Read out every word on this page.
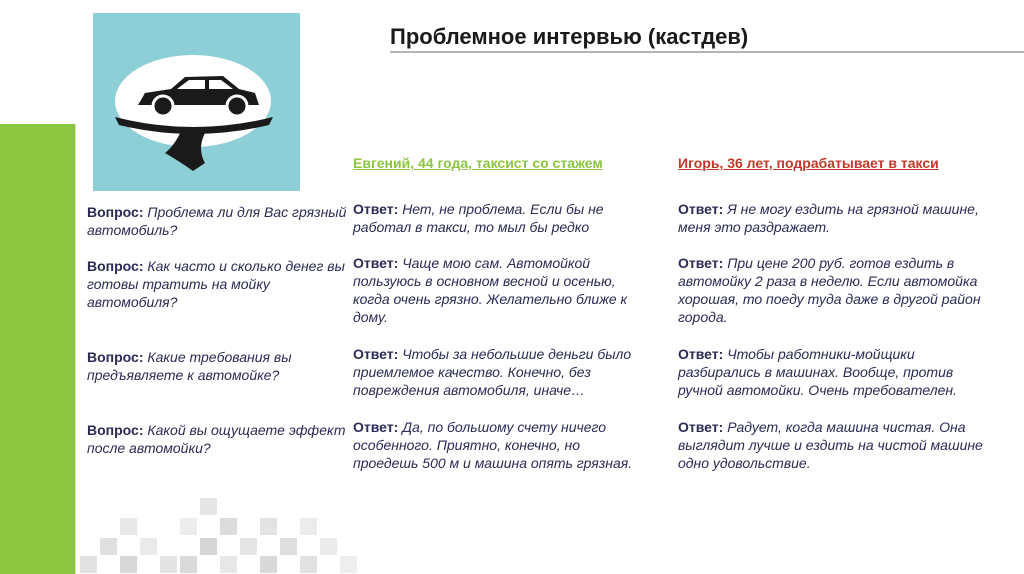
Проблемное интервью (кастдев)
Евгений, 44 года, таксист со стажем	Игорь, 36 лет, подрабатывает в такси
Вопрос: Проблема ли для Вас грязный автомобиль?
Вопрос: Как часто и сколько денег вы готовы тратить на мойку автомобиля?
Вопрос: Какие требования вы предъявляете к автомойке?
Вопрос: Какой вы ощущаете эффект после автомойки?
Ответ: Нет, не проблема. Если бы не работал в такси, то мыл бы редко
Ответ: Чаще мою сам. Автомойкой пользуюсь в основном весной и осенью, когда очень грязно. Желательно ближе к дому.
Ответ: Чтобы за небольшие деньги было приемлемое качество. Конечно, без повреждения автомобиля, иначе…
Ответ: Да, по большому счету ничего особенного. Приятно, конечно, но проедешь 500 м и машина опять грязная.
Ответ: Я не могу ездить на грязной машине, меня это раздражает.
Ответ: При цене 200 руб. готов ездить в автомойку 2 раза в неделю. Если автомойка хорошая, то поеду туда даже в другой район города.
Ответ: Чтобы работники-мойщики разбирались в машинах. Вообще, против ручной автомойки. Очень требователен.
Ответ: Радует, когда машина чистая. Она выглядит лучше и ездить на чистой машине одно удовольствие.
